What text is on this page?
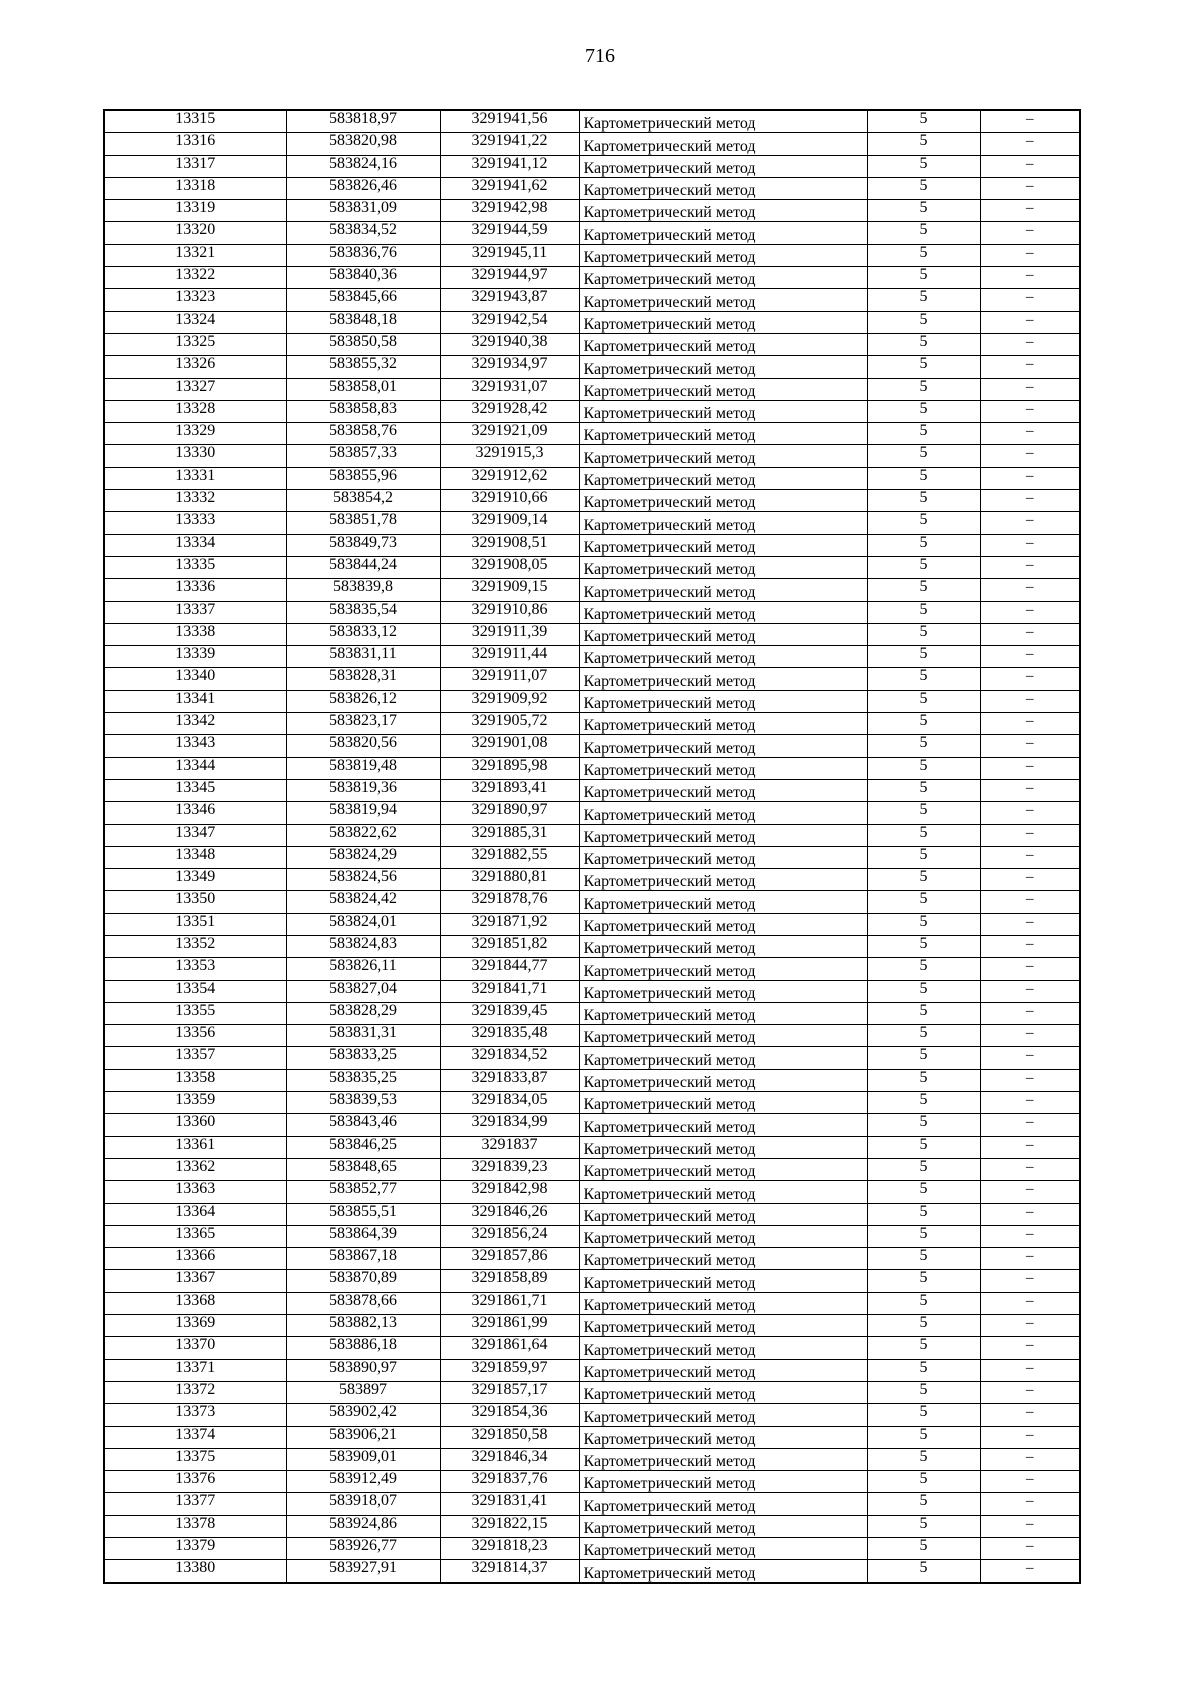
716
13315	583818,97	3291941,56	Картометрический метод	5	–
13316	583820,98	3291941,22	Картометрический метод	5	–
13317	583824,16	3291941,12	Картометрический метод	5	–
13318	583826,46	3291941,62	Картометрический метод	5	–
13319	583831,09	3291942,98	Картометрический метод	5	–
13320	583834,52	3291944,59	Картометрический метод	5	–
13321	583836,76	3291945,11	Картометрический метод	5	–
13322	583840,36	3291944,97	Картометрический метод	5	–
13323	583845,66	3291943,87	Картометрический метод	5	–
13324	583848,18	3291942,54	Картометрический метод	5	–
13325	583850,58	3291940,38	Картометрический метод	5	–
13326	583855,32	3291934,97	Картометрический метод	5	–
13327	583858,01	3291931,07	Картометрический метод	5	–
13328	583858,83	3291928,42	Картометрический метод	5	–
13329	583858,76	3291921,09	Картометрический метод	5	–
13330	583857,33	3291915,3	Картометрический метод	5	–
13331	583855,96	3291912,62	Картометрический метод	5	–
13332	583854,2	3291910,66	Картометрический метод	5	–
13333	583851,78	3291909,14	Картометрический метод	5	–
13334	583849,73	3291908,51	Картометрический метод	5	–
13335	583844,24	3291908,05	Картометрический метод	5	–
13336	583839,8	3291909,15	Картометрический метод	5	–
13337	583835,54	3291910,86	Картометрический метод	5	–
13338	583833,12	3291911,39	Картометрический метод	5	–
13339	583831,11	3291911,44	Картометрический метод	5	–
13340	583828,31	3291911,07	Картометрический метод	5	–
13341	583826,12	3291909,92	Картометрический метод	5	–
13342	583823,17	3291905,72	Картометрический метод	5	–
13343	583820,56	3291901,08	Картометрический метод	5	–
13344	583819,48	3291895,98	Картометрический метод	5	–
13345	583819,36	3291893,41	Картометрический метод	5	–
13346	583819,94	3291890,97	Картометрический метод	5	–
13347	583822,62	3291885,31	Картометрический метод	5	–
13348	583824,29	3291882,55	Картометрический метод	5	–
13349	583824,56	3291880,81	Картометрический метод	5	–
13350	583824,42	3291878,76	Картометрический метод	5	–
13351	583824,01	3291871,92	Картометрический метод	5	–
13352	583824,83	3291851,82	Картометрический метод	5	–
13353	583826,11	3291844,77	Картометрический метод	5	–
13354	583827,04	3291841,71	Картометрический метод	5	–
13355	583828,29	3291839,45	Картометрический метод	5	–
13356	583831,31	3291835,48	Картометрический метод	5	–
13357	583833,25	3291834,52	Картометрический метод	5	–
13358	583835,25	3291833,87	Картометрический метод	5	–
13359	583839,53	3291834,05	Картометрический метод	5	–
13360	583843,46	3291834,99	Картометрический метод	5	–
13361	583846,25	3291837	Картометрический метод	5	–
13362	583848,65	3291839,23	Картометрический метод	5	–
13363	583852,77	3291842,98	Картометрический метод	5	–
13364	583855,51	3291846,26	Картометрический метод	5	–
13365	583864,39	3291856,24	Картометрический метод	5	–
13366	583867,18	3291857,86	Картометрический метод	5	–
13367	583870,89	3291858,89	Картометрический метод	5	–
13368	583878,66	3291861,71	Картометрический метод	5	–
13369	583882,13	3291861,99	Картометрический метод	5	–
13370	583886,18	3291861,64	Картометрический метод	5	–
13371	583890,97	3291859,97	Картометрический метод	5	–
13372	583897	3291857,17	Картометрический метод	5	–
13373	583902,42	3291854,36	Картометрический метод	5	–
13374	583906,21	3291850,58	Картометрический метод	5	–
13375	583909,01	3291846,34	Картометрический метод	5	–
13376	583912,49	3291837,76	Картометрический метод	5	–
13377	583918,07	3291831,41	Картометрический метод	5	–
13378	583924,86	3291822,15	Картометрический метод	5	–
13379	583926,77	3291818,23	Картометрический метод	5	–
13380	583927,91	3291814,37	Картометрический метод	5	–
